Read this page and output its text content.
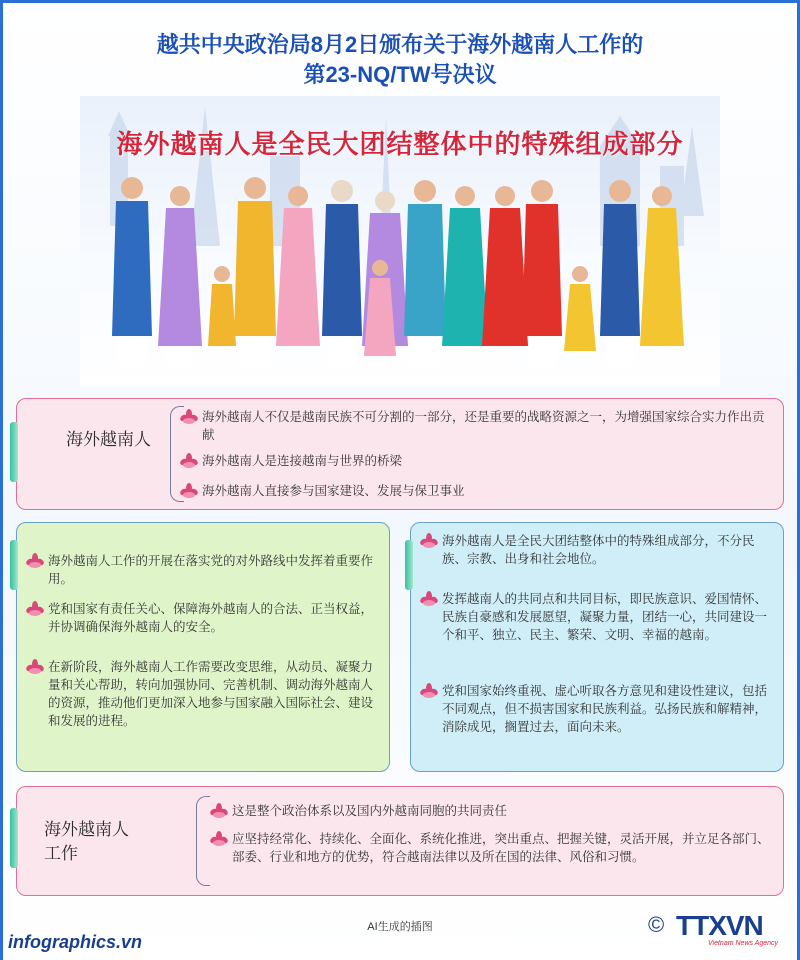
越共中央政治局8月2日颁布关于海外越南人工作的
第23-NQ/TW号决议
海外越南人是全民大团结整体中的特殊组成部分
海外越南人
海外越南人不仅是越南民族不可分割的一部分，还是重要的战略资源之一，为增强国家综合实力作出贡献
海外越南人是连接越南与世界的桥梁
海外越南人直接参与国家建设、发展与保卫事业
海外越南人工作的开展在落实党的对外路线中发挥着重要作用。
党和国家有责任关心、保障海外越南人的合法、正当权益，并协调确保海外越南人的安全。
在新阶段，海外越南人工作需要改变思维，从动员、凝聚力量和关心帮助，转向加强协同、完善机制、调动海外越南人的资源，推动他们更加深入地参与国家融入国际社会、建设和发展的进程。
海外越南人是全民大团结整体中的特殊组成部分，不分民族、宗教、出身和社会地位。
发挥越南人的共同点和共同目标，即民族意识、爱国情怀、民族自豪感和发展愿望，凝聚力量，团结一心，共同建设一个和平、独立、民主、繁荣、文明、幸福的越南。
党和国家始终重视、虚心听取各方意见和建设性建议，包括不同观点，但不损害国家和民族利益。弘扬民族和解精神，消除成见，搁置过去，面向未来。
海外越南人
工作
这是整个政治体系以及国内外越南同胞的共同责任
应坚持经常化、持续化、全面化、系统化推进，突出重点、把握关键，灵活开展，并立足各部门、部委、行业和地方的优势，符合越南法律以及所在国的法律、风俗和习惯。
AI生成的插图
infographics.vn
© TTXVN
Vietnam News Agency
